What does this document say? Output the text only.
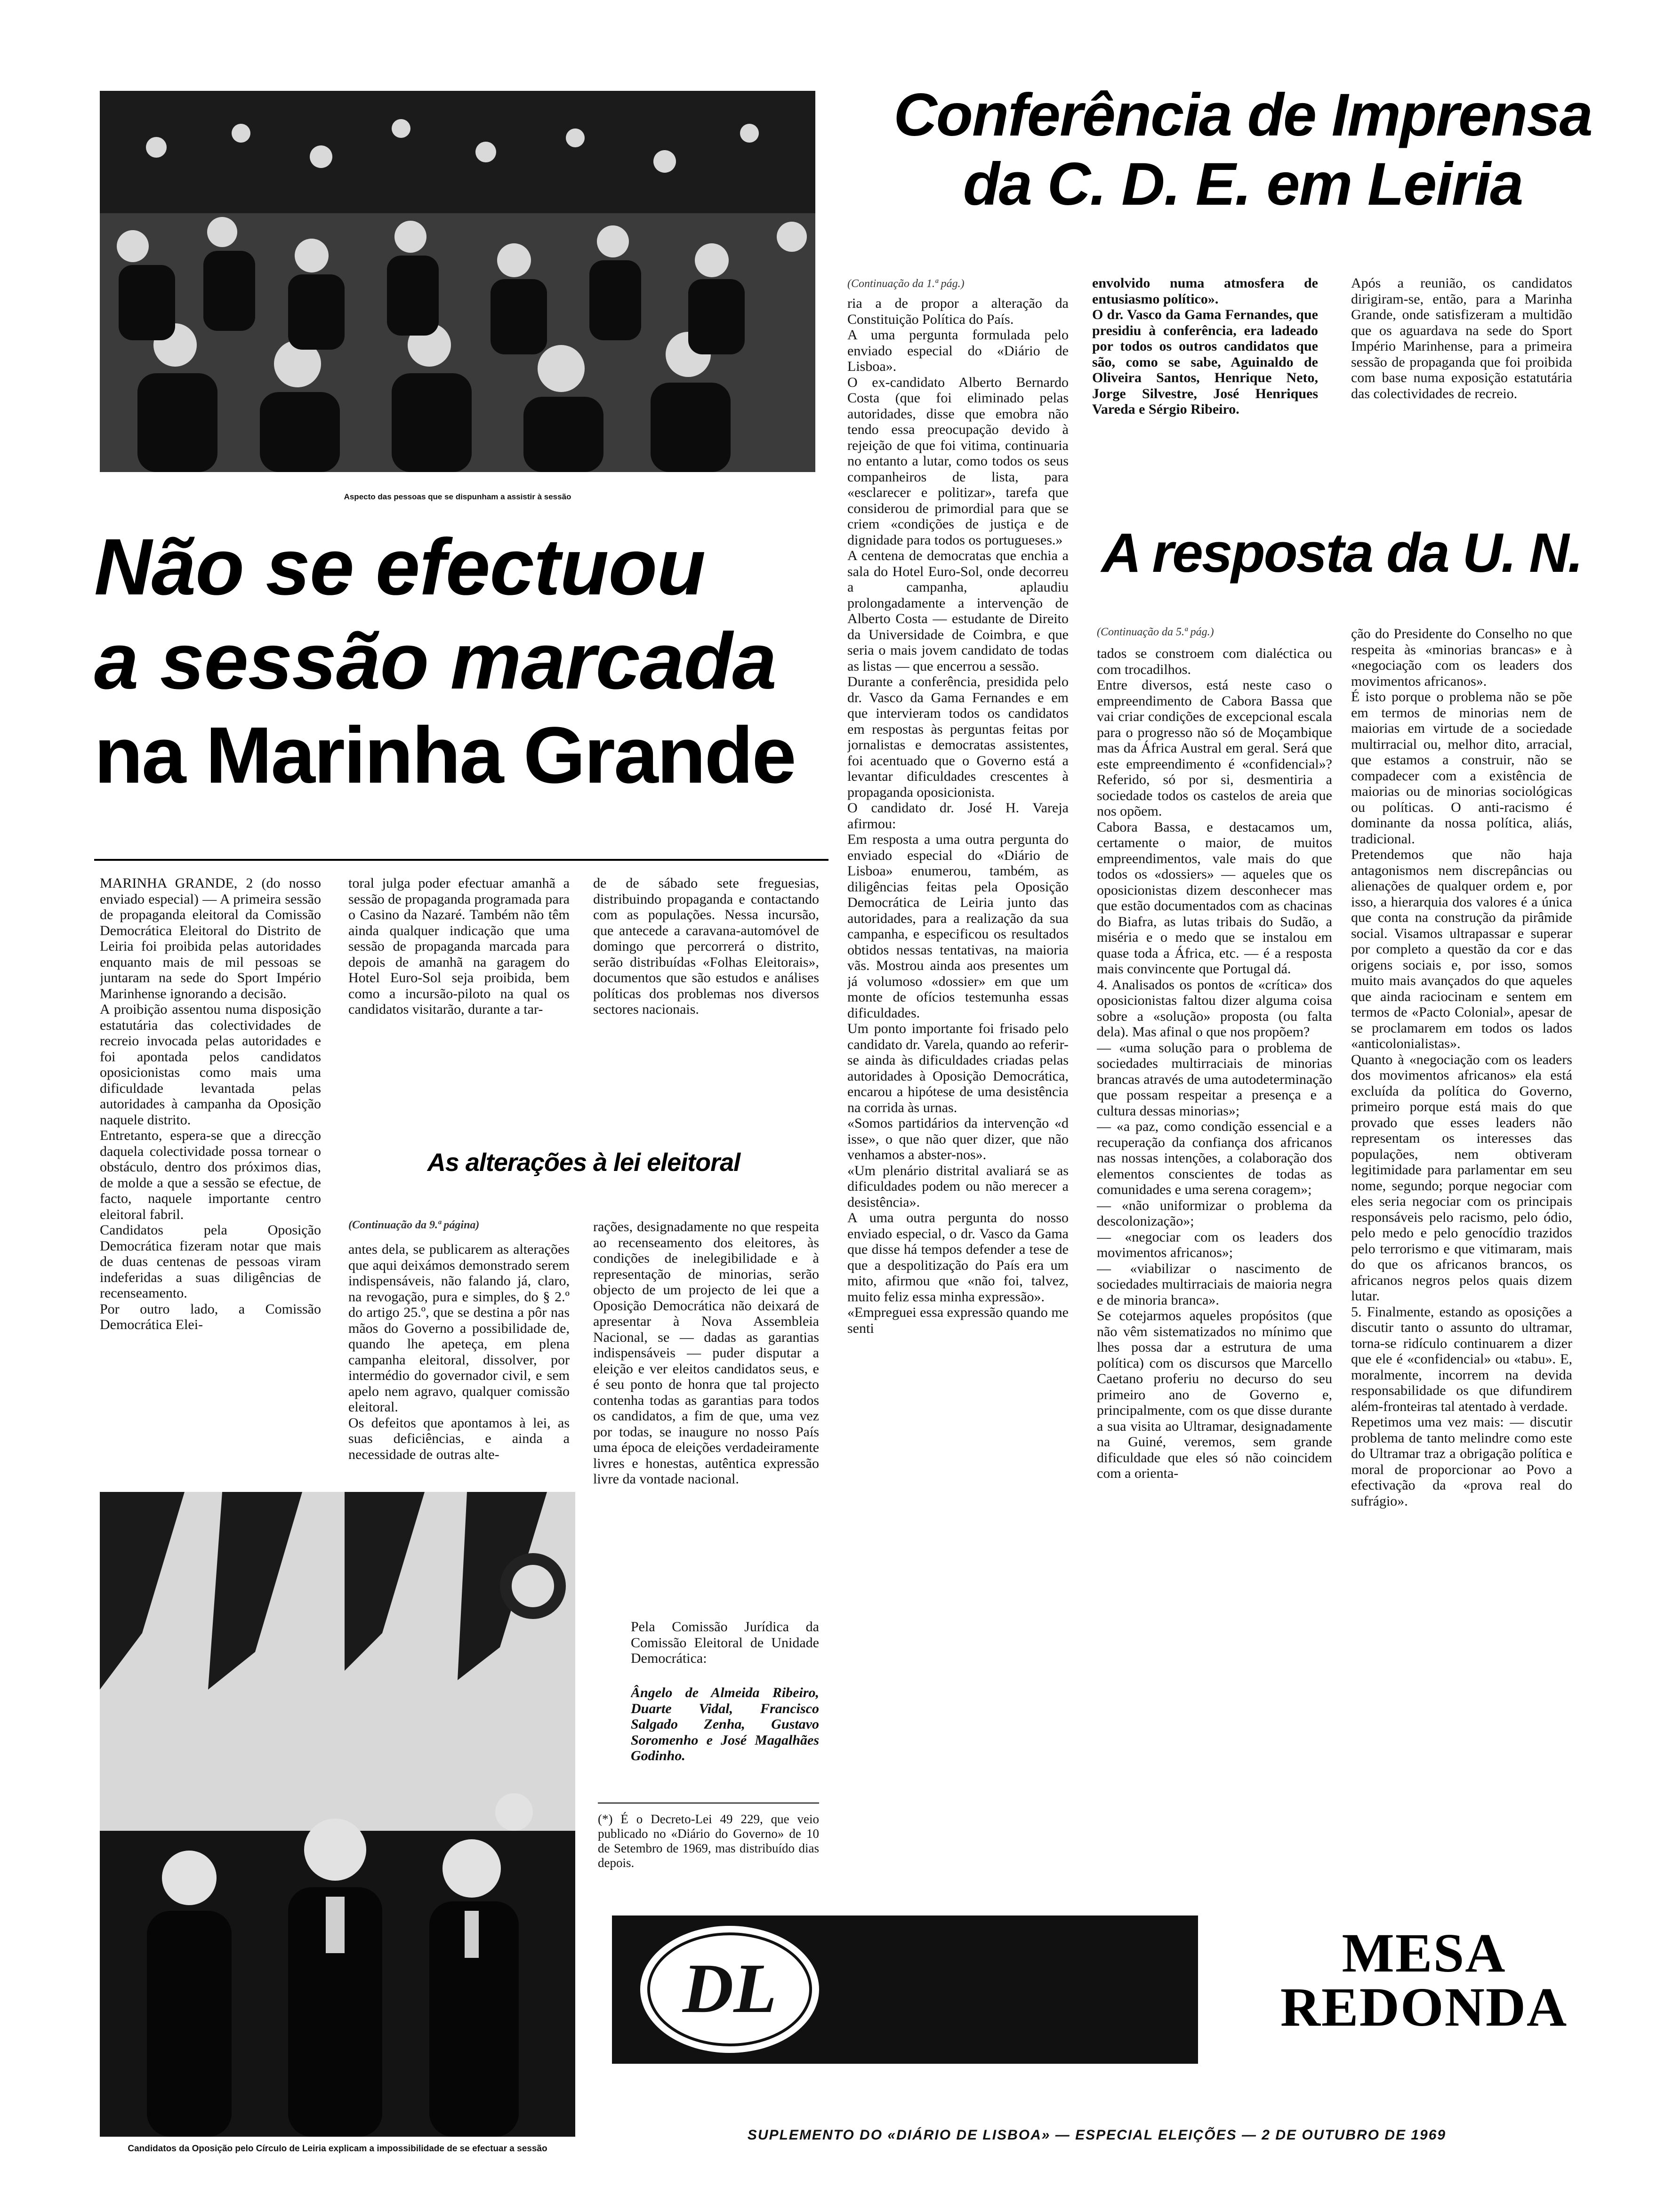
Aspecto das pessoas que se dispunham a assistir à sessão
Conferência de Imprensa
da C. D. E. em Leiria
(Continuação da 1.ª pág.)
ria a de propor a alteração da Constituição Política do País.
A uma pergunta formulada pelo enviado especial do «Diário de Lisboa».
O ex-candidato Alberto Bernardo Costa (que foi eliminado pelas autoridades, disse que emobra não tendo essa preocupação devido à rejeição de que foi vitima, continuaria no entanto a lutar, como todos os seus companheiros de lista, para «esclarecer e politizar», tarefa que considerou de primordial para que se criem «condições de justiça e de dignidade para todos os portugueses.»
A centena de democratas que enchia a sala do Hotel Euro-Sol, onde decorreu a campanha, aplaudiu prolongadamente a intervenção de Alberto Costa — estudante de Direito da Universidade de Coimbra, e que seria o mais jovem candidato de todas as listas — que encerrou a sessão.
Durante a conferência, presidida pelo dr. Vasco da Gama Fernandes e em que intervieram todos os candidatos em respostas às perguntas feitas por jornalistas e democratas assistentes, foi acentuado que o Governo está a levantar dificuldades crescentes à propaganda oposicionista.
O candidato dr. José H. Vareja afirmou:
Em resposta a uma outra pergunta do enviado especial do «Diário de Lisboa» enumerou, também, as diligências feitas pela Oposição Democrática de Leiria junto das autoridades, para a realização da sua campanha, e especificou os resultados obtidos nessas tentativas, na maioria vãs. Mostrou ainda aos presentes um já volumoso «dossier» em que um monte de ofícios testemunha essas dificuldades.
Um ponto importante foi frisado pelo candidato dr. Varela, quando ao referir-se ainda às dificuldades criadas pelas autoridades à Oposição Democrática, encarou a hipótese de uma desistência na corrida às urnas.
«Somos partidários da intervenção «d isse», o que não quer dizer, que não venhamos a abster-nos».
«Um plenário distrital avaliará se as dificuldades podem ou não merecer a desistência».
A uma outra pergunta do nosso enviado especial, o dr. Vasco da Gama que disse há tempos defender a tese de que a despolitização do País era um mito, afirmou que «não foi, talvez, muito feliz essa minha expressão».
«Empreguei essa expressão quando me senti
envolvido numa atmosfera de entusiasmo político».
O dr. Vasco da Gama Fernandes, que presidiu à conferência, era ladeado por todos os outros candidatos que são, como se sabe, Aguinaldo de Oliveira Santos, Henrique Neto, Jorge Silvestre, José Henriques Vareda e Sérgio Ribeiro.
Após a reunião, os candidatos dirigiram-se, então, para a Marinha Grande, onde satisfizeram a multidão que os aguardava na sede do Sport Império Marinhense, para a primeira sessão de propaganda que foi proibida com base numa exposição estatutária das colectividades de recreio.
A resposta da U. N.
(Continuação da 5.ª pág.)
tados se constroem com dialéctica ou com trocadilhos.
Entre diversos, está neste caso o empreendimento de Cabora Bassa que vai criar condições de excepcional escala para o progresso não só de Moçambique mas da África Austral em geral. Será que este empreendimento é «confidencial»? Referido, só por si, desmentiria a sociedade todos os castelos de areia que nos opõem.
Cabora Bassa, e destacamos um, certamente o maior, de muitos empreendimentos, vale mais do que todos os «dossiers» — aqueles que os oposicionistas dizem desconhecer mas que estão documentados com as chacinas do Biafra, as lutas tribais do Sudão, a miséria e o medo que se instalou em quase toda a África, etc. — é a resposta mais convincente que Portugal dá.
4. Analisados os pontos de «crítica» dos oposicionistas faltou dizer alguma coisa sobre a «solução» proposta (ou falta dela). Mas afinal o que nos propõem?
— «uma solução para o problema de sociedades multirraciais de minorias brancas através de uma autodeterminação que possam respeitar a presença e a cultura dessas minorias»;
— «a paz, como condição essencial e a recuperação da confiança dos africanos nas nossas intenções, a colaboração dos elementos conscientes de todas as comunidades e uma serena coragem»;
— «não uniformizar o problema da descolonização»;
— «negociar com os leaders dos movimentos africanos»;
— «viabilizar o nascimento de sociedades multirraciais de maioria negra e de minoria branca».
Se cotejarmos aqueles propósitos (que não vêm sistematizados no mínimo que lhes possa dar a estrutura de uma política) com os discursos que Marcello Caetano proferiu no decurso do seu primeiro ano de Governo e, principalmente, com os que disse durante a sua visita ao Ultramar, designadamente na Guiné, veremos, sem grande dificuldade que eles só não coincidem com a orienta-
ção do Presidente do Conselho no que respeita às «minorias brancas» e à «negociação com os leaders dos movimentos africanos».
É isto porque o problema não se põe em termos de minorias nem de maiorias em virtude de a sociedade multirracial ou, melhor dito, arracial, que estamos a construir, não se compadecer com a existência de maiorias ou de minorias sociológicas ou políticas. O anti-racismo é dominante da nossa política, aliás, tradicional.
Pretendemos que não haja antagonismos nem discrepâncias ou alienações de qualquer ordem e, por isso, a hierarquia dos valores é a única que conta na construção da pirâmide social. Visamos ultrapassar e superar por completo a questão da cor e das origens sociais e, por isso, somos muito mais avançados do que aqueles que ainda raciocinam e sentem em termos de «Pacto Colonial», apesar de se proclamarem em todos os lados «anticolonialistas».
Quanto à «negociação com os leaders dos movimentos africanos» ela está excluída da política do Governo, primeiro porque está mais do que provado que esses leaders não representam os interesses das populações, nem obtiveram legitimidade para parlamentar em seu nome, segundo; porque negociar com eles seria negociar com os principais responsáveis pelo racismo, pelo ódio, pelo medo e pelo genocídio trazidos pelo terrorismo e que vitimaram, mais do que os africanos brancos, os africanos negros pelos quais dizem lutar.
5. Finalmente, estando as oposições a discutir tanto o assunto do ultramar, torna-se ridículo continuarem a dizer que ele é «confidencial» ou «tabu». E, moralmente, incorrem na devida responsabilidade os que difundirem além-fronteiras tal atentado à verdade.
Repetimos uma vez mais: — discutir problema de tanto melindre como este do Ultramar traz a obrigação política e moral de proporcionar ao Povo a efectivação da «prova real do sufrágio».
Não se efectuou
a sessão marcada
na Marinha Grande
MARINHA GRANDE, 2 (do nosso enviado especial) — A primeira sessão de propaganda eleitoral da Comissão Democrática Eleitoral do Distrito de Leiria foi proibida pelas autoridades enquanto mais de mil pessoas se juntaram na sede do Sport Império Marinhense ignorando a decisão.
A proibição assentou numa disposição estatutária das colectividades de recreio invocada pelas autoridades e foi apontada pelos candidatos oposicionistas como mais uma dificuldade levantada pelas autoridades à campanha da Oposição naquele distrito.
Entretanto, espera-se que a direcção daquela colectividade possa tornear o obstáculo, dentro dos próximos dias, de molde a que a sessão se efectue, de facto, naquele importante centro eleitoral fabril.
Candidatos pela Oposição Democrática fizeram notar que mais de duas centenas de pessoas viram indeferidas a suas diligências de recenseamento.
Por outro lado, a Comissão Democrática Elei-
toral julga poder efectuar amanhã a sessão de propaganda programada para o Casino da Nazaré. Também não têm ainda qualquer indicação que uma sessão de propaganda marcada para depois de amanhã na garagem do Hotel Euro-Sol seja proibida, bem como a incursão-piloto na qual os candidatos visitarão, durante a tar-
de de sábado sete freguesias, distribuindo propaganda e contactando com as populações. Nessa incursão, que antecede a caravana-automóvel de domingo que percorrerá o distrito, serão distribuídas «Folhas Eleitorais», documentos que são estudos e análises políticas dos problemas nos diversos sectores nacionais.
As alterações à lei eleitoral
(Continuação da 9.ª página)
antes dela, se publicarem as alterações que aqui deixámos demonstrado serem indispensáveis, não falando já, claro, na revogação, pura e simples, do § 2.º do artigo 25.º, que se destina a pôr nas mãos do Governo a possibilidade de, quando lhe apeteça, em plena campanha eleitoral, dissolver, por intermédio do governador civil, e sem apelo nem agravo, qualquer comissão eleitoral.
Os defeitos que apontamos à lei, as suas deficiências, e ainda a necessidade de outras alte-
rações, designadamente no que respeita ao recenseamento dos eleitores, às condições de inelegibilidade e à representação de minorias, serão objecto de um projecto de lei que a Oposição Democrática não deixará de apresentar à Nova Assembleia Nacional, se — dadas as garantias indispensáveis — puder disputar a eleição e ver eleitos candidatos seus, e é seu ponto de honra que tal projecto contenha todas as garantias para todos os candidatos, a fim de que, uma vez por todas, se inaugure no nosso País uma época de eleições verdadeiramente livres e honestas, autêntica expressão livre da vontade nacional.
Pela Comissão Jurídica da Comissão Eleitoral de Unidade Democrática:
Ângelo de Almeida Ribeiro, Duarte Vidal, Francisco Salgado Zenha, Gustavo Soromenho e José Magalhães Godinho.
(*) É o Decreto-Lei 49 229, que veio publicado no «Diário do Governo» de 10 de Setembro de 1969, mas distribuído dias depois.
Candidatos da Oposição pelo Círculo de Leiria explicam a impossibilidade de se efectuar a sessão
DL	MESA
REDONDA
SUPLEMENTO DO «DIÁRIO DE LISBOA» — ESPECIAL ELEIÇÕES — 2 DE OUTUBRO DE 1969
